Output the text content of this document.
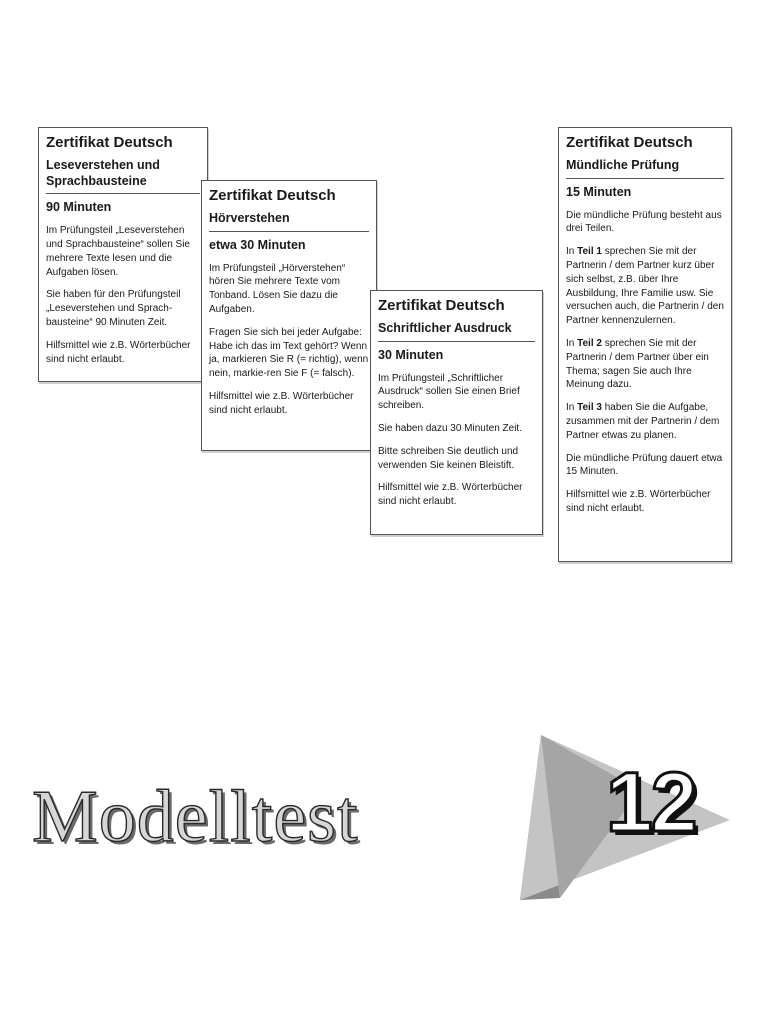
Zertifikat Deutsch
Leseverstehen und Sprachbausteine
90 Minuten

Im Prüfungsteil „Leseverstehen und Sprachbausteine“ sollen Sie mehrere Texte lesen und die Aufgaben lösen.

Sie haben für den Prüfungsteil „Leseverstehen und Sprach-bausteine“ 90 Minuten Zeit.

Hilfsmittel wie z.B. Wörterbücher sind nicht erlaubt.

Zertifikat Deutsch
Hörverstehen
etwa 30 Minuten

Im Prüfungsteil „Hörverstehen“ hören Sie mehrere Texte vom Tonband. Lösen Sie dazu die Aufgaben.

Fragen Sie sich bei jeder Aufgabe: Habe ich das im Text gehört? Wenn ja, markieren Sie R (= richtig), wenn nein, markie-ren Sie F (= falsch).

Hilfsmittel wie z.B. Wörterbücher sind nicht erlaubt.

Zertifikat Deutsch
Schriftlicher Ausdruck
30 Minuten

Im Prüfungsteil „Schriftlicher Ausdruck“ sollen Sie einen Brief schreiben.

Sie haben dazu 30 Minuten Zeit.

Bitte schreiben Sie deutlich und verwenden Sie keinen Bleistift.

Hilfsmittel wie z.B. Wörterbücher sind nicht erlaubt.

Zertifikat Deutsch
Mündliche Prüfung
15 Minuten

Die mündliche Prüfung besteht aus drei Teilen.

In Teil 1 sprechen Sie mit der Partnerin / dem Partner kurz über sich selbst, z.B. über Ihre Ausbildung, Ihre Familie usw. Sie versuchen auch, die Partnerin / den Partner kennenzulernen.

In Teil 2 sprechen Sie mit der Partnerin / dem Partner über ein Thema; sagen Sie auch Ihre Meinung dazu.

In Teil 3 haben Sie die Aufgabe, zusammen mit der Partnerin / dem Partner etwas zu planen.

Die mündliche Prüfung dauert etwa 15 Minuten.

Hilfsmittel wie z.B. Wörterbücher sind nicht erlaubt.

Modelltest	12
